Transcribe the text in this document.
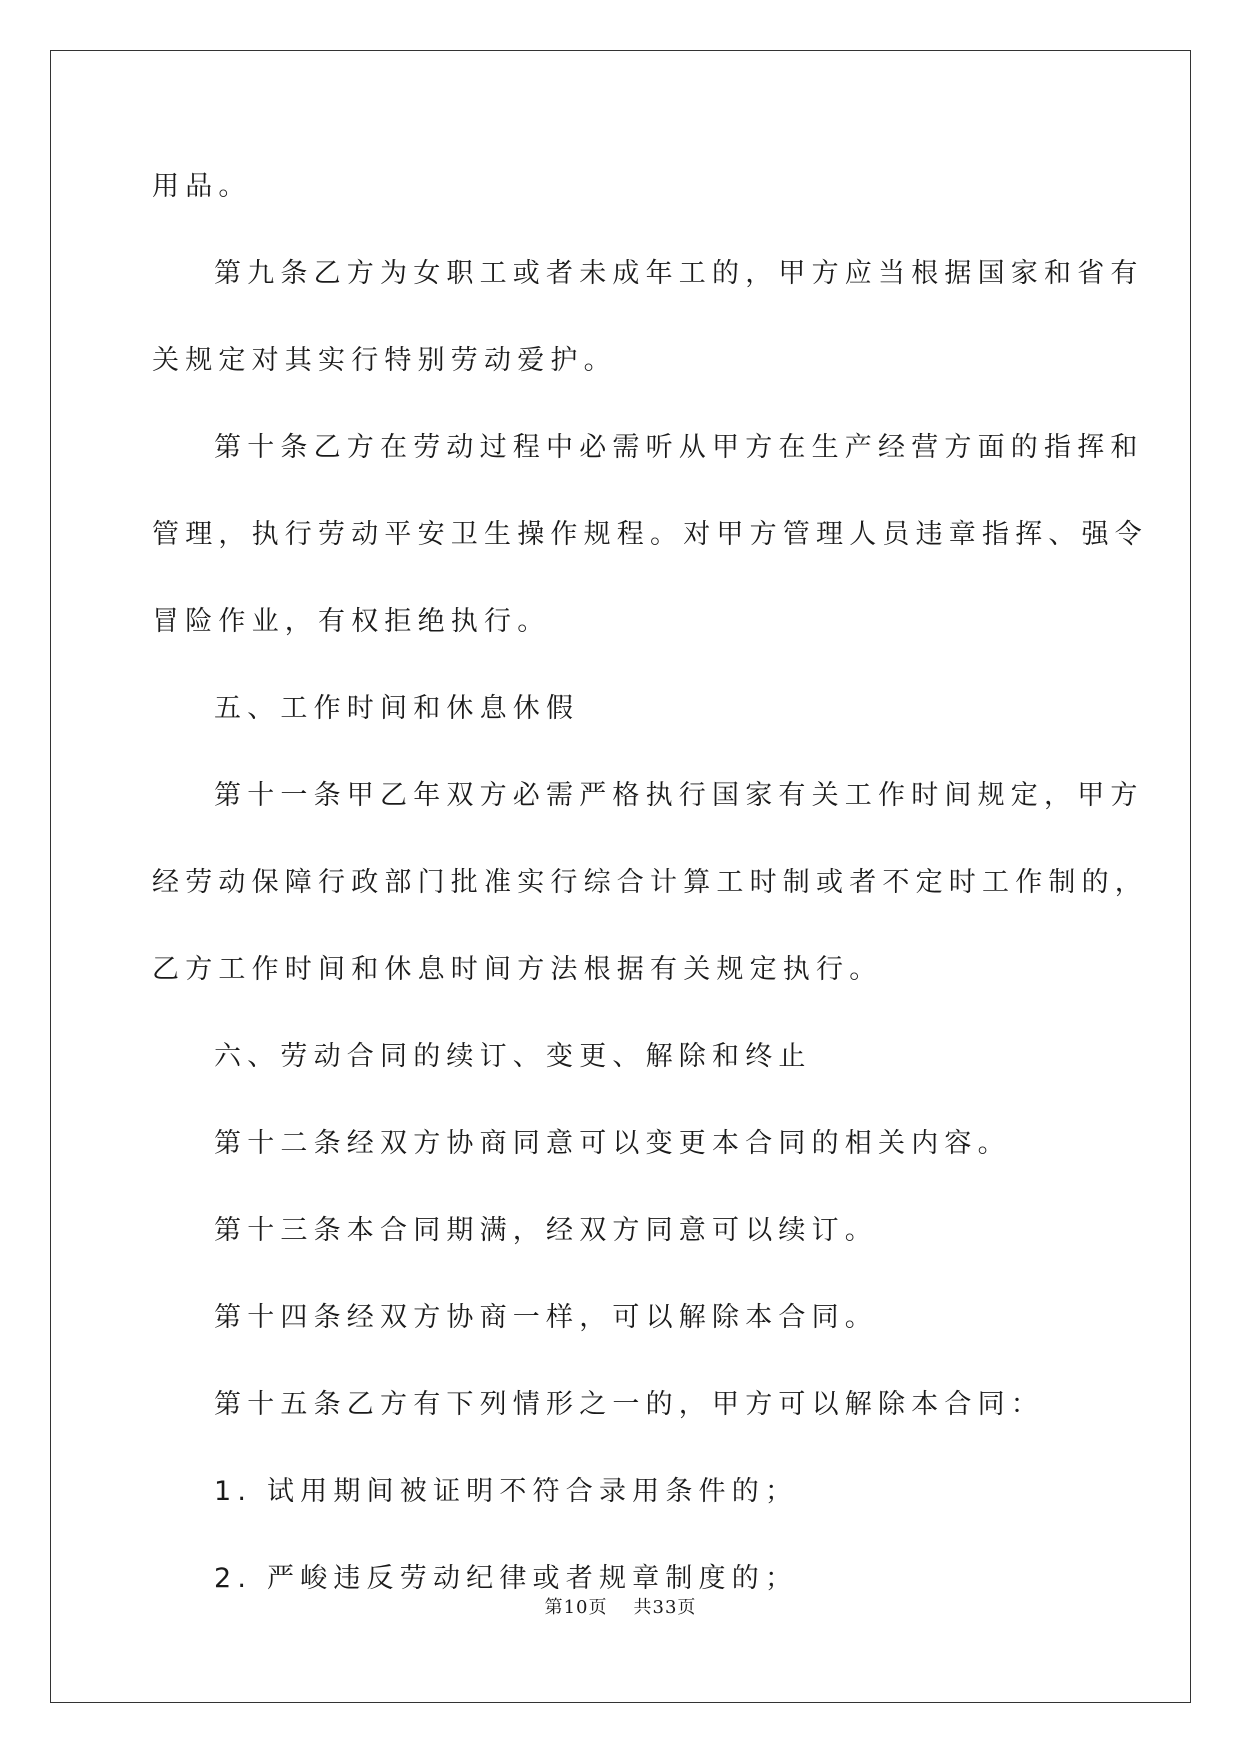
用品。
第九条乙方为女职工或者未成年工的，甲方应当根据国家和省有
关规定对其实行特别劳动爱护。
第十条乙方在劳动过程中必需听从甲方在生产经营方面的指挥和
管理，执行劳动平安卫生操作规程。对甲方管理人员违章指挥、强令
冒险作业，有权拒绝执行。
五、工作时间和休息休假
第十一条甲乙年双方必需严格执行国家有关工作时间规定，甲方
经劳动保障行政部门批准实行综合计算工时制或者不定时工作制的，
乙方工作时间和休息时间方法根据有关规定执行。
六、劳动合同的续订、变更、解除和终止
第十二条经双方协商同意可以变更本合同的相关内容。
第十三条本合同期满，经双方同意可以续订。
第十四条经双方协商一样，可以解除本合同。
第十五条乙方有下列情形之一的，甲方可以解除本合同：
1. 试用期间被证明不符合录用条件的；
2. 严峻违反劳动纪律或者规章制度的；
第10页 共33页
